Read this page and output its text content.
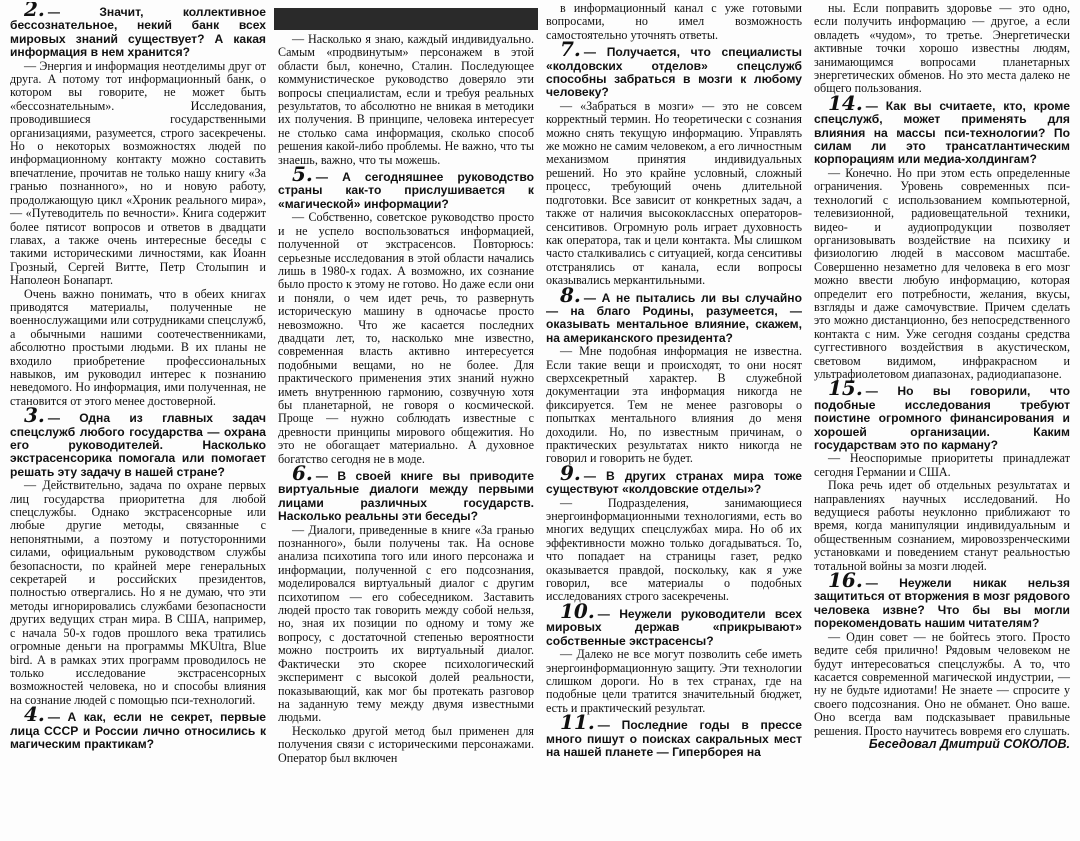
2. — Значит, коллективное бессознательное, некий банк всех мировых знаний существует? А какая информация в нем хранится?

— Энергия и информация неотделимы друг от друга. А потому тот информационный банк, о котором вы говорите, не может быть «бессознательным». Исследования, проводившиеся государственными организациями, разумеется, строго засекречены. Но о некоторых возможностях людей по информационному контакту можно составить впечатление, прочитав не только нашу книгу «За гранью познанного», но и новую работу, продолжающую цикл «Хроник реального мира», — «Путеводитель по вечности». Книга содержит более пятисот вопросов и ответов в двадцати главах, а также очень интересные беседы с такими историческими личностями, как Иоанн Грозный, Сергей Витте, Петр Столыпин и Наполеон Бонапарт.

Очень важно понимать, что в обеих книгах приводятся материалы, полученные не военнослужащими или сотрудниками спецслужб, а обычными нашими соотечественниками, абсолютно простыми людьми. В их планы не входило приобретение профессиональных навыков, им руководил интерес к познанию неведомого. Но информация, ими полученная, не становится от этого менее достоверной.

3. — Одна из главных задач спецслужб любого государства — охрана его руководителей. Насколько экстрасенсорика помогала или помогает решать эту задачу в нашей стране?

— Действительно, задача по охране первых лиц государства приоритетна для любой спецслужбы. Однако экстрасенсорные или любые другие методы, связанные с непонятными, а поэтому и потусторонними силами, официальным руководством службы безопасности, по крайней мере генеральных секретарей и российских президентов, полностью отвергались. Но я не думаю, что эти методы игнорировались службами безопасности других ведущих стран мира. В США, например, с начала 50-х годов прошлого века тратились огромные деньги на программы MKUltra, Blue bird. А в рамках этих программ проводилось не только исследование экстрасенсорных возможностей человека, но и способы влияния на сознание людей с помощью пси-технологий.

4. — А как, если не секрет, первые лица СССР и России лично относились к магическим практикам?

— Насколько я знаю, каждый индивидуально. Самым «продвинутым» персонажем в этой области был, конечно, Сталин. Последующее коммунистическое руководство доверяло эти вопросы специалистам, если и требуя реальных результатов, то абсолютно не вникая в методики их получения. В принципе, человека интересует не столько сама информация, сколько способ решения какой-либо проблемы. Не важно, что ты знаешь, важно, что ты можешь.

5. — А сегодняшнее руководство страны как-то прислушивается к «магической» информации?

— Собственно, советское руководство просто и не успело воспользоваться информацией, полученной от экстрасенсов. Повторюсь: серьезные исследования в этой области начались лишь в 1980-х годах. А возможно, их сознание было просто к этому не готово. Но даже если они и поняли, о чем идет речь, то развернуть историческую машину в одночасье просто невозможно. Что же касается последних двадцати лет, то, насколько мне известно, современная власть активно интересуется подобными вещами, но не более. Для практического применения этих знаний нужно иметь внутреннюю гармонию, созвучную хотя бы планетарной, не говоря о космической. Проще — нужно соблюдать известные с древности принципы мирового общежития. Но это не обогащает материально. А духовное богатство сегодня не в моде.

6. — В своей книге вы приводите виртуальные диалоги между первыми лицами различных государств. Насколько реальны эти беседы?

— Диалоги, приведенные в книге «За гранью познанного», были получены так. На основе анализа психотипа того или иного персонажа и информации, полученной с его подсознания, моделировался виртуальный диалог с другим психотипом — его собеседником. Заставить людей просто так говорить между собой нельзя, но, зная их позиции по одному и тому же вопросу, с достаточной степенью вероятности можно построить их виртуальный диалог. Фактически это скорее психологический эксперимент с высокой долей реальности, показывающий, как мог бы протекать разговор на заданную тему между двумя известными людьми.

Несколько другой метод был применен для получения связи с историческими персонажами. Оператор был включен

в информационный канал с уже готовыми вопросами, но имел возможность самостоятельно уточнять ответы.

7. — Получается, что специалисты «колдовских отделов» спецслужб способны забраться в мозги к любому человеку?

— «Забраться в мозги» — это не совсем корректный термин. Но теоретически с сознания можно снять текущую информацию. Управлять же можно не самим человеком, а его личностным механизмом принятия индивидуальных решений. Но это крайне условный, сложный процесс, требующий очень длительной подготовки. Все зависит от конкретных задач, а также от наличия высококлассных операторов-сенситивов. Огромную роль играет духовность как оператора, так и цели контакта. Мы слишком часто сталкивались с ситуацией, когда сенситивы отстранялись от канала, если вопросы оказывались меркантильными.

8. — А не пытались ли вы случайно — на благо Родины, разумеется, — оказывать ментальное влияние, скажем, на американского президента?

— Мне подобная информация не известна. Если такие вещи и происходят, то они носят сверхсекретный характер. В служебной документации эта информация никогда не фиксируется. Тем не менее разговоры о попытках ментального влияния до меня доходили. Но, по известным причинам, о практических результатах никто никогда не говорил и говорить не будет.

9. — В других странах мира тоже существуют «колдовские отделы»?

— Подразделения, занимающиеся энергоинформационными технологиями, есть во многих ведущих спецслужбах мира. Но об их эффективности можно только догадываться. То, что попадает на страницы газет, редко оказывается правдой, поскольку, как я уже говорил, все материалы о подобных исследованиях строго засекречены.

10. — Неужели руководители всех мировых держав «прикрывают» собственные экстрасенсы?

— Далеко не все могут позволить себе иметь энергоинформационную защиту. Эти технологии слишком дороги. Но в тех странах, где на подобные цели тратится значительный бюджет, есть и практический результат.

11. — Последние годы в прессе много пишут о поисках сакральных мест на нашей планете — Гиперборея на

ны. Если поправить здоровье — это одно, если получить информацию — другое, а если овладеть «чудом», то третье. Энергетически активные точки хорошо известны людям, занимающимся вопросами планетарных энергетических обменов. Но это места далеко не общего пользования.

14. — Как вы считаете, кто, кроме спецслужб, может применять для влияния на массы пси-технологии? По силам ли это трансатлантическим корпорациям или медиа-холдингам?

— Конечно. Но при этом есть определенные ограничения. Уровень современных пси-технологий с использованием компьютерной, телевизионной, радиовещательной техники, видео- и аудиопродукции позволяет организовывать воздействие на психику и физиологию людей в массовом масштабе. Совершенно незаметно для человека в его мозг можно ввести любую информацию, которая определит его потребности, желания, вкусы, взгляды и даже самочувствие. Причем сделать это можно дистанционно, без непосредственного контакта с ним. Уже сегодня созданы средства суггестивного воздействия в акустическом, световом видимом, инфракрасном и ультрафиолетовом диапазонах, радиодиапазоне.

15. — Но вы говорили, что подобные исследования требуют поистине огромного финансирования и хорошей организации. Каким государствам это по карману?

— Неоспоримые приоритеты принадлежат сегодня Германии и США.

Пока речь идет об отдельных результатах и направлениях научных исследований. Но ведущиеся работы неуклонно приближают то время, когда манипуляции индивидуальным и общественным сознанием, мировоззренческими установками и поведением станут реальностью тотальной войны за мозги людей.

16. — Неужели никак нельзя защититься от вторжения в мозг рядового человека извне? Что бы вы могли порекомендовать нашим читателям?

— Один совет — не бойтесь этого. Просто ведите себя прилично! Рядовым человеком не будут интересоваться спецслужбы. А то, что касается современной магической индустрии, — ну не будьте идиотами! Не знаете — спросите у своего подсознания. Оно не обманет. Оно ваше. Оно всегда вам подсказывает правильные решения. Просто научитесь вовремя его слушать.

Беседовал Дмитрий СОКОЛОВ.
